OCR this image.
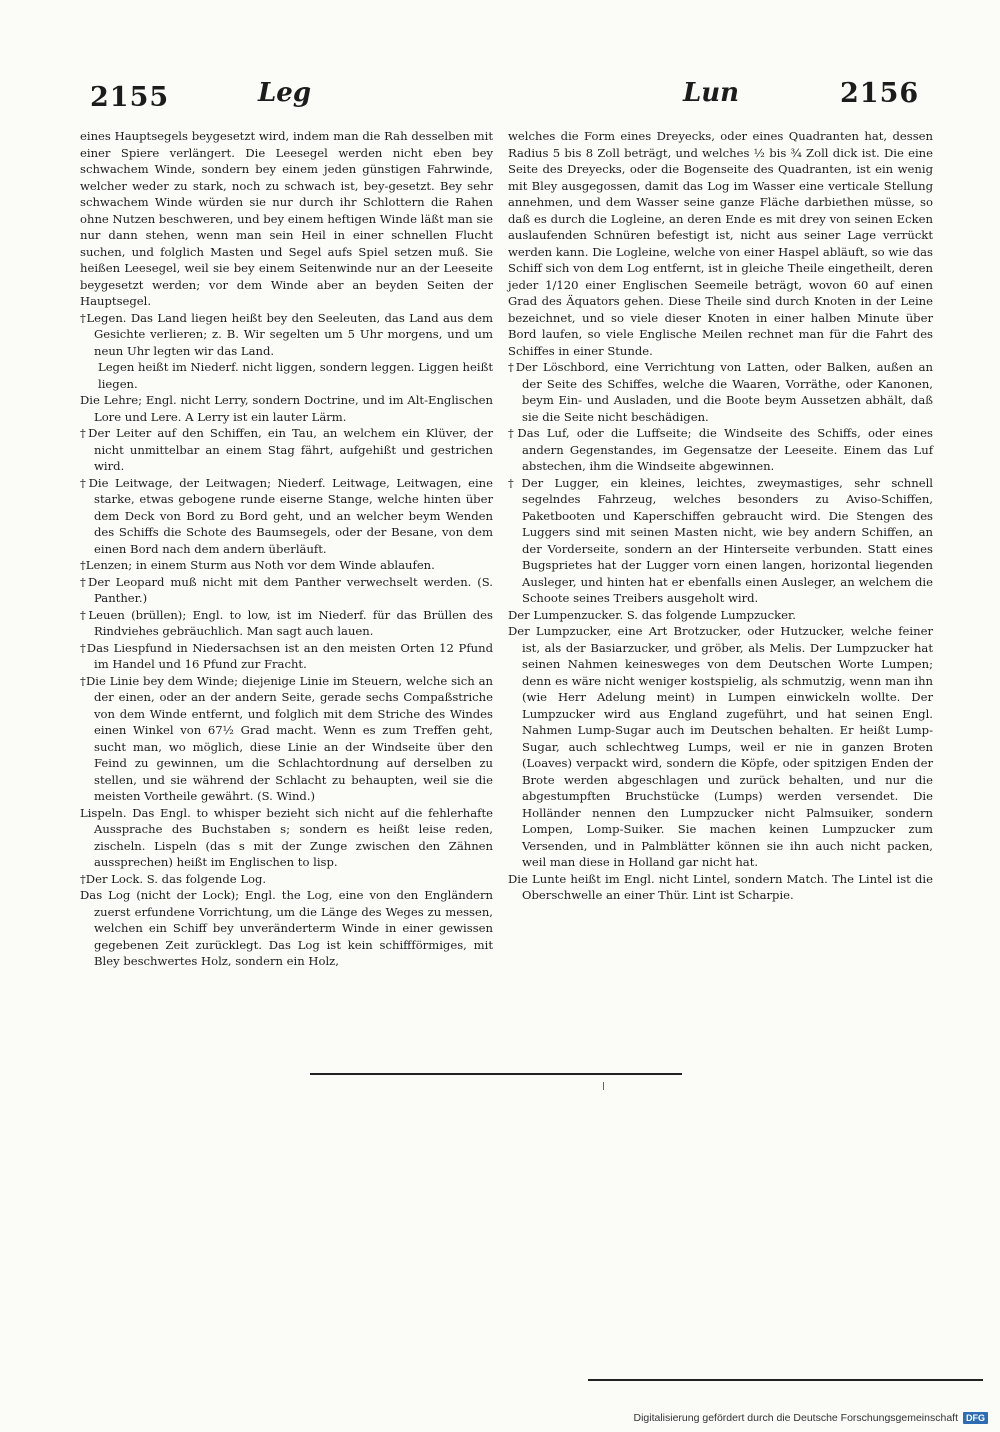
2155	Leg	Lun	2156

eines Hauptsegels beygesetzt wird, indem man die Rah desselben mit einer Spiere verlängert. Die Leesegel werden nicht eben bey schwachem Winde, sondern bey einem jeden günstigen Fahrwinde, welcher weder zu stark, noch zu schwach ist, bey-gesetzt. Bey sehr schwachem Winde würden sie nur durch ihr Schlottern die Rahen ohne Nutzen beschweren, und bey einem heftigen Winde läßt man sie nur dann stehen, wenn man sein Heil in einer schnellen Flucht suchen, und folglich Masten und Segel aufs Spiel setzen muß. Sie heißen Leesegel, weil sie bey einem Seitenwinde nur an der Leeseite beygesetzt werden; vor dem Winde aber an beyden Seiten der Hauptsegel.

†Legen. Das Land liegen heißt bey den Seeleuten, das Land aus dem Gesichte verlieren; z. B. Wir segelten um 5 Uhr morgens, und um neun Uhr legten wir das Land.

Legen heißt im Niederf. nicht liggen, sondern leggen. Liggen heißt liegen.

Die Lehre; Engl. nicht Lerry, sondern Doctrine, und im Alt-Englischen Lore und Lere. A Lerry ist ein lauter Lärm.

†Der Leiter auf den Schiffen, ein Tau, an welchem ein Klüver, der nicht unmittelbar an einem Stag fährt, aufgehißt und gestrichen wird.

†Die Leitwage, der Leitwagen; Niederf. Leitwage, Leitwagen, eine starke, etwas gebogene runde eiserne Stange, welche hinten über dem Deck von Bord zu Bord geht, und an welcher beym Wenden des Schiffs die Schote des Baumsegels, oder der Besane, von dem einen Bord nach dem andern überläuft.

†Lenzen; in einem Sturm aus Noth vor dem Winde ablaufen.

†Der Leopard muß nicht mit dem Panther verwechselt werden. (S. Panther.)

†Leuen (brüllen); Engl. to low, ist im Niederf. für das Brüllen des Rindviehes gebräuchlich. Man sagt auch lauen.

†Das Liespfund in Niedersachsen ist an den meisten Orten 12 Pfund im Handel und 16 Pfund zur Fracht.

†Die Linie bey dem Winde; diejenige Linie im Steuern, welche sich an der einen, oder an der andern Seite, gerade sechs Compaßstriche von dem Winde entfernt, und folglich mit dem Striche des Windes einen Winkel von 67½ Grad macht. Wenn es zum Treffen geht, sucht man, wo möglich, diese Linie an der Windseite über den Feind zu gewinnen, um die Schlachtordnung auf derselben zu stellen, und sie während der Schlacht zu behaupten, weil sie die meisten Vortheile gewährt. (S. Wind.)

Lispeln. Das Engl. to whisper bezieht sich nicht auf die fehlerhafte Aussprache des Buchstaben s; sondern es heißt leise reden, zischeln. Lispeln (das s mit der Zunge zwischen den Zähnen aussprechen) heißt im Englischen to lisp.

†Der Lock. S. das folgende Log.

Das Log (nicht der Lock); Engl. the Log, eine von den Engländern zuerst erfundene Vorrichtung, um die Länge des Weges zu messen, welchen ein Schiff bey unveränderterm Winde in einer gewissen gegebenen Zeit zurücklegt. Das Log ist kein schiffförmiges, mit Bley beschwertes Holz, sondern ein Holz,

welches die Form eines Dreyecks, oder eines Quadranten hat, dessen Radius 5 bis 8 Zoll beträgt, und welches ½ bis ¾ Zoll dick ist. Die eine Seite des Dreyecks, oder die Bogenseite des Quadranten, ist ein wenig mit Bley ausgegossen, damit das Log im Wasser eine verticale Stellung annehmen, und dem Wasser seine ganze Fläche darbiethen müsse, so daß es durch die Logleine, an deren Ende es mit drey von seinen Ecken auslaufenden Schnüren befestigt ist, nicht aus seiner Lage verrückt werden kann. Die Logleine, welche von einer Haspel abläuft, so wie das Schiff sich von dem Log entfernt, ist in gleiche Theile eingetheilt, deren jeder 1/120 einer Englischen Seemeile beträgt, wovon 60 auf einen Grad des Äquators gehen. Diese Theile sind durch Knoten in der Leine bezeichnet, und so viele dieser Knoten in einer halben Minute über Bord laufen, so viele Englische Meilen rechnet man für die Fahrt des Schiffes in einer Stunde.

†Der Löschbord, eine Verrichtung von Latten, oder Balken, außen an der Seite des Schiffes, welche die Waaren, Vorräthe, oder Kanonen, beym Ein- und Ausladen, und die Boote beym Aussetzen abhält, daß sie die Seite nicht beschädigen.

†Das Luf, oder die Luffseite; die Windseite des Schiffs, oder eines andern Gegenstandes, im Gegensatze der Leeseite. Einem das Luf abstechen, ihm die Windseite abgewinnen.

†Der Lugger, ein kleines, leichtes, zweymastiges, sehr schnell segelndes Fahrzeug, welches besonders zu Aviso-Schiffen, Paketbooten und Kaperschiffen gebraucht wird. Die Stengen des Luggers sind mit seinen Masten nicht, wie bey andern Schiffen, an der Vorderseite, sondern an der Hinterseite verbunden. Statt eines Bugsprietes hat der Lugger vorn einen langen, horizontal liegenden Ausleger, und hinten hat er ebenfalls einen Ausleger, an welchem die Schoote seines Treibers ausgeholt wird.

Der Lumpenzucker. S. das folgende Lumpzucker.

Der Lumpzucker, eine Art Brotzucker, oder Hutzucker, welche feiner ist, als der Basiarzucker, und gröber, als Melis. Der Lumpzucker hat seinen Nahmen keinesweges von dem Deutschen Worte Lumpen; denn es wäre nicht weniger kostspielig, als schmutzig, wenn man ihn (wie Herr Adelung meint) in Lumpen einwickeln wollte. Der Lumpzucker wird aus England zugeführt, und hat seinen Engl. Nahmen Lump-Sugar auch im Deutschen behalten. Er heißt Lump-Sugar, auch schlechtweg Lumps, weil er nie in ganzen Broten (Loaves) verpackt wird, sondern die Köpfe, oder spitzigen Enden der Brote werden abgeschlagen und zurück behalten, und nur die abgestumpften Bruchstücke (Lumps) werden versendet. Die Holländer nennen den Lumpzucker nicht Palmsuiker, sondern Lompen, Lomp-Suiker. Sie machen keinen Lumpzucker zum Versenden, und in Palmblätter können sie ihn auch nicht packen, weil man diese in Holland gar nicht hat.

Die Lunte heißt im Engl. nicht Lintel, sondern Match. The Lintel ist die Oberschwelle an einer Thür. Lint ist Scharpie.

Digitalisierung gefördert durch die Deutsche Forschungsgemeinschaft DFG
